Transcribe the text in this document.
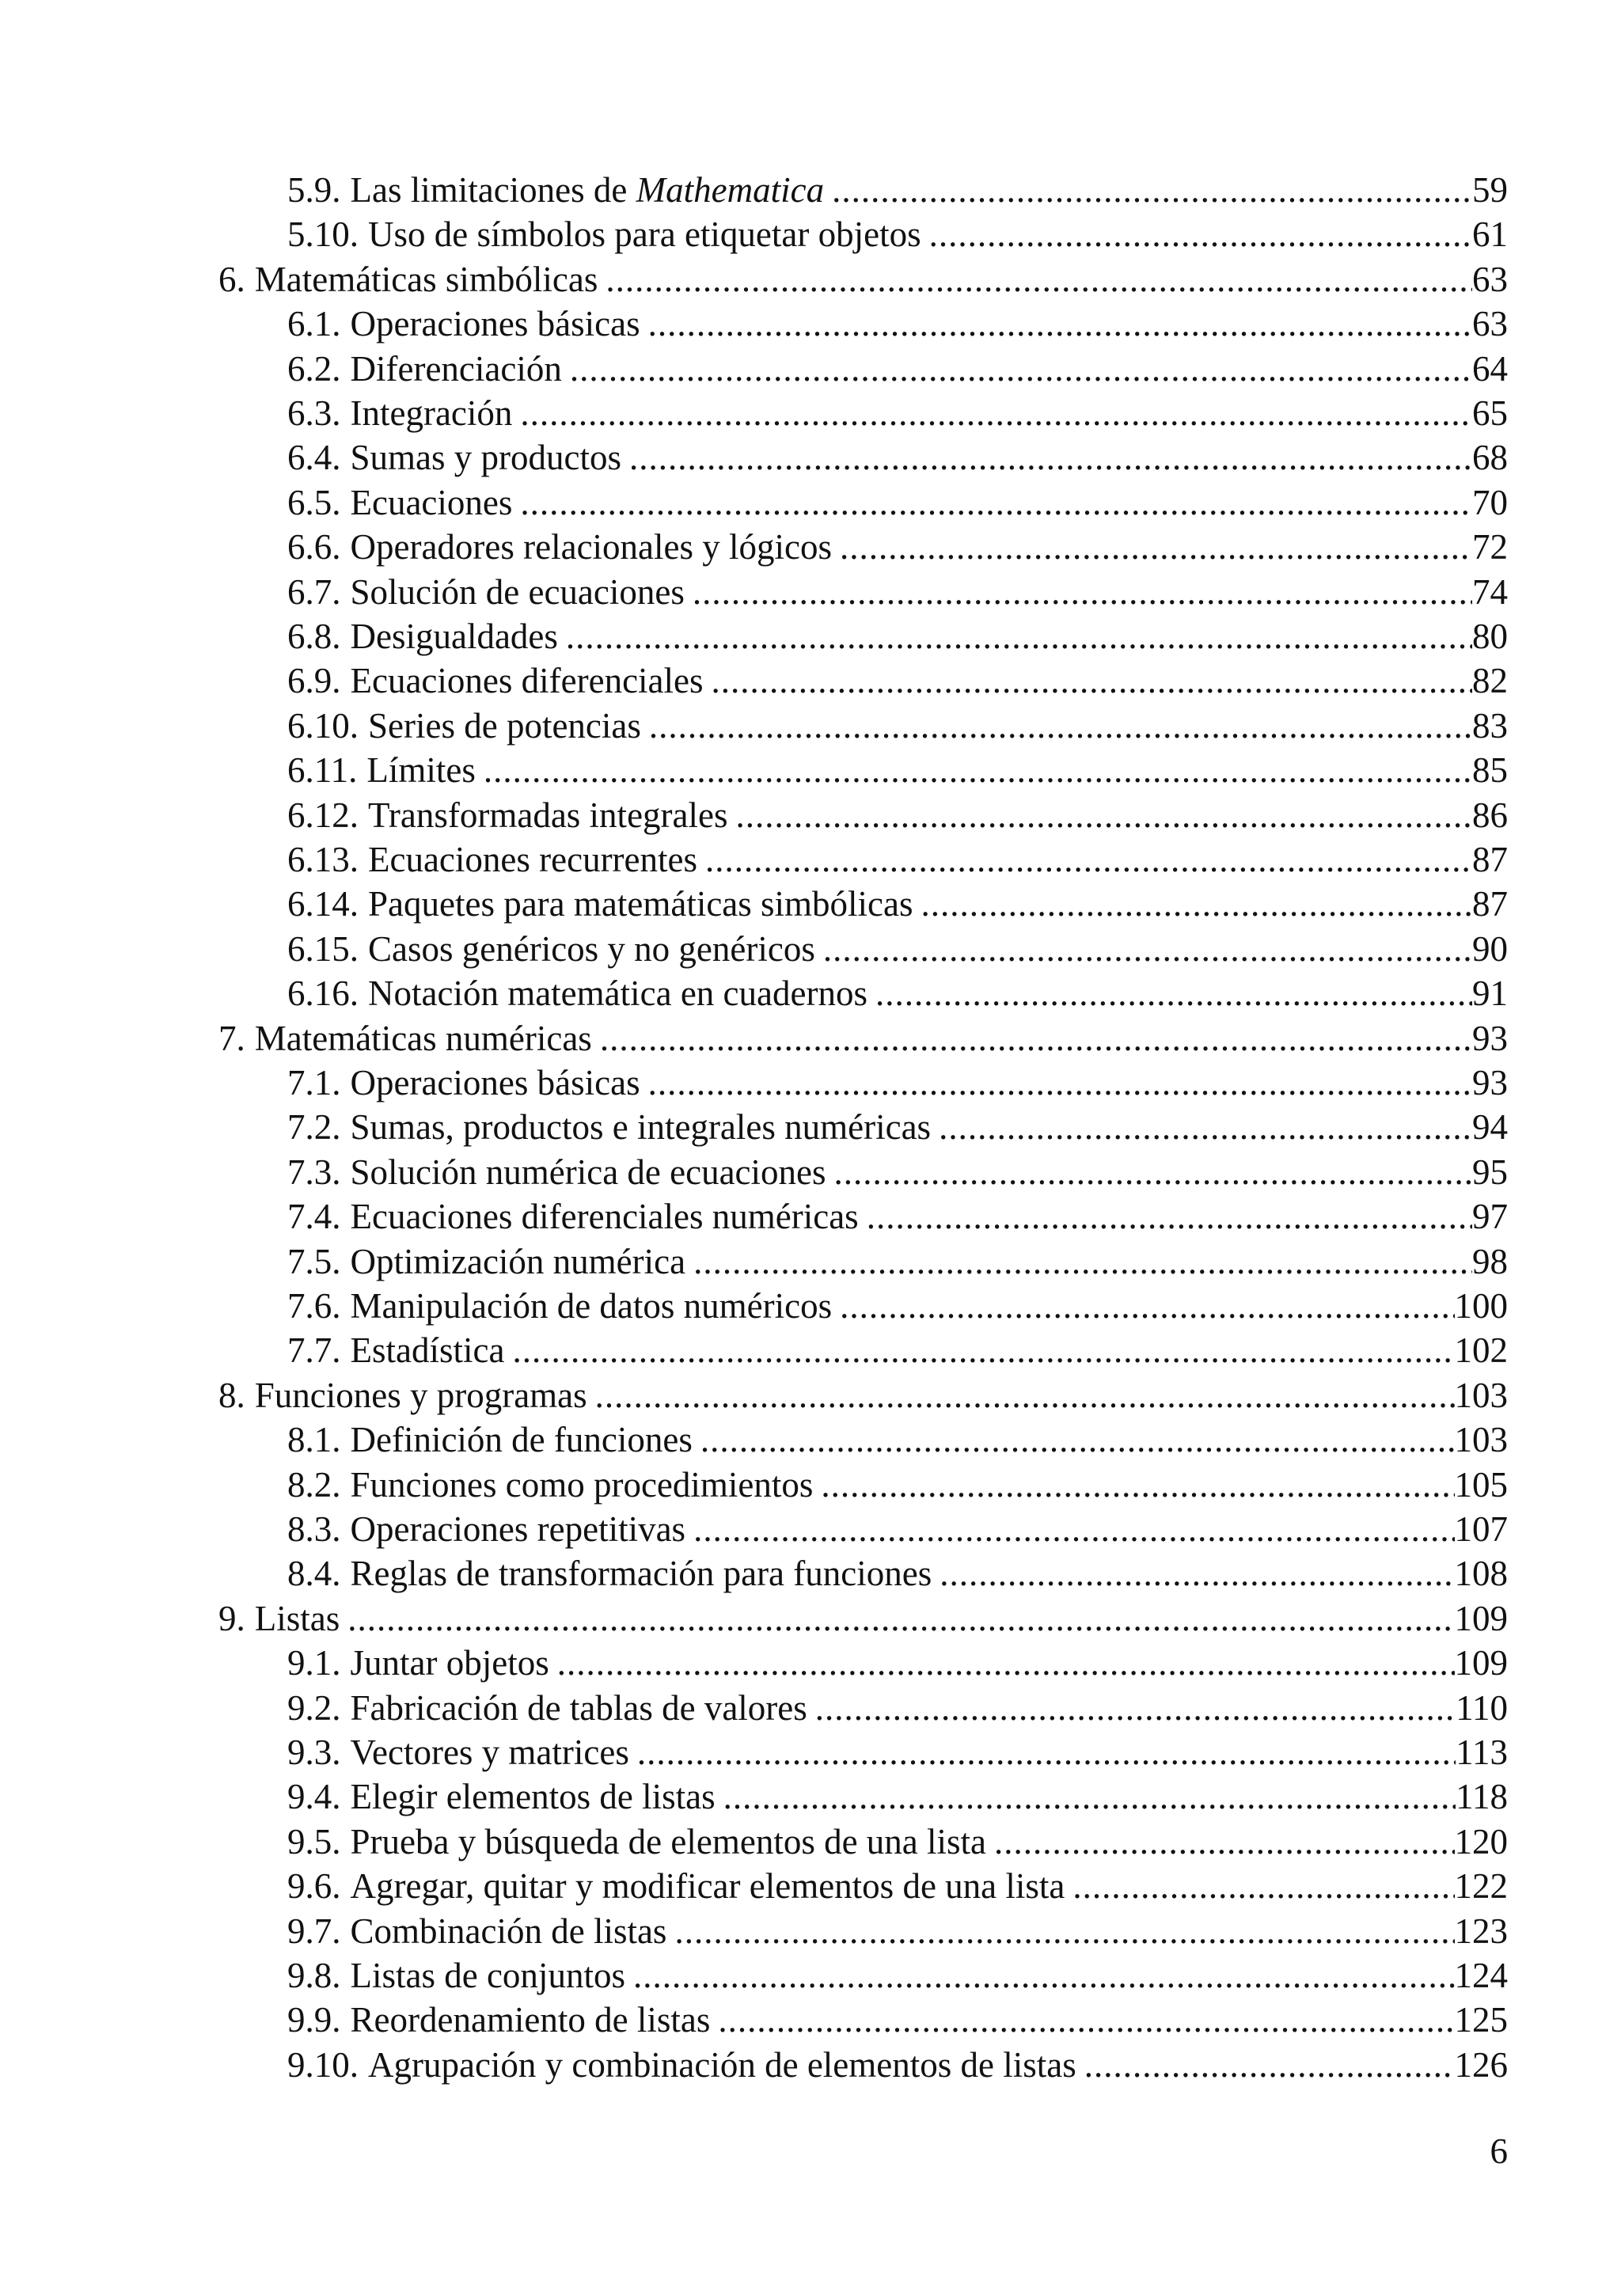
5.9. Las limitaciones de Mathematica .....	59
5.10. Uso de símbolos para etiquetar objetos .....	61
6. Matemáticas simbólicas .....	63
6.1. Operaciones básicas .....	63
6.2. Diferenciación .....	64
6.3. Integración .....	65
6.4. Sumas y productos .....	68
6.5. Ecuaciones .....	70
6.6. Operadores relacionales y lógicos .....	72
6.7. Solución de ecuaciones .....	74
6.8. Desigualdades .....	80
6.9. Ecuaciones diferenciales .....	82
6.10. Series de potencias .....	83
6.11. Límites .....	85
6.12. Transformadas integrales .....	86
6.13. Ecuaciones recurrentes .....	87
6.14. Paquetes para matemáticas simbólicas .....	87
6.15. Casos genéricos y no genéricos .....	90
6.16. Notación matemática en cuadernos .....	91
7. Matemáticas numéricas .....	93
7.1. Operaciones básicas .....	93
7.2. Sumas, productos e integrales numéricas .....	94
7.3. Solución numérica de ecuaciones .....	95
7.4. Ecuaciones diferenciales numéricas .....	97
7.5. Optimización numérica .....	98
7.6. Manipulación de datos numéricos .....	100
7.7. Estadística .....	102
8. Funciones y programas .....	103
8.1. Definición de funciones .....	103
8.2. Funciones como procedimientos .....	105
8.3. Operaciones repetitivas .....	107
8.4. Reglas de transformación para funciones .....	108
9. Listas .....	109
9.1. Juntar objetos .....	109
9.2. Fabricación de tablas de valores .....	110
9.3. Vectores y matrices .....	113
9.4. Elegir elementos de listas .....	118
9.5. Prueba y búsqueda de elementos de una lista .....	120
9.6. Agregar, quitar y modificar elementos de una lista .....	122
9.7. Combinación de listas .....	123
9.8. Listas de conjuntos .....	124
9.9. Reordenamiento de listas .....	125
9.10. Agrupación y combinación de elementos de listas .....	126
6
